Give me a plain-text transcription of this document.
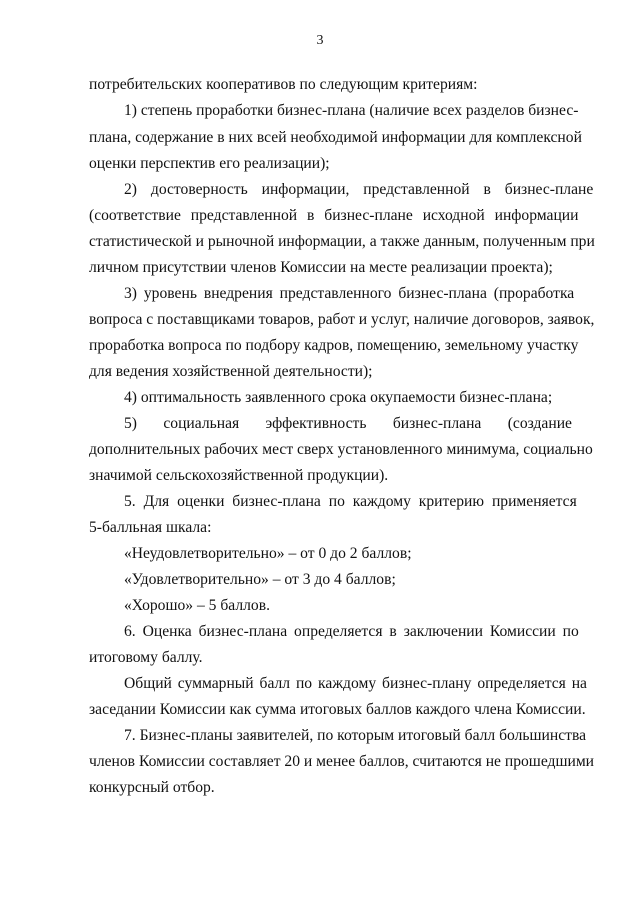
3
потребительских кооперативов по следующим критериям:
1) степень проработки бизнес-плана (наличие всех разделов бизнес-
плана, содержание в них всей необходимой информации для комплексной
оценки перспектив его реализации);
2) достоверность информации, представленной в бизнес-плане
(соответствие представленной в бизнес-плане исходной информации
статистической и рыночной информации, а также данным, полученным при
личном присутствии членов Комиссии на месте реализации проекта);
3) уровень внедрения представленного бизнес-плана (проработка
вопроса с поставщиками товаров, работ и услуг, наличие договоров, заявок,
проработка вопроса по подбору кадров, помещению, земельному участку
для ведения хозяйственной деятельности);
4) оптимальность заявленного срока окупаемости бизнес-плана;
5) социальная эффективность бизнес-плана (создание
дополнительных рабочих мест сверх установленного минимума, социально
значимой сельскохозяйственной продукции).
5. Для оценки бизнес-плана по каждому критерию применяется
5-балльная шкала:
«Неудовлетворительно» – от 0 до 2 баллов;
«Удовлетворительно» – от 3 до 4 баллов;
«Хорошо» – 5 баллов.
6. Оценка бизнес-плана определяется в заключении Комиссии по
итоговому баллу.
Общий суммарный балл по каждому бизнес-плану определяется на
заседании Комиссии как сумма итоговых баллов каждого члена Комиссии.
7. Бизнес-планы заявителей, по которым итоговый балл большинства
членов Комиссии составляет 20 и менее баллов, считаются не прошедшими
конкурсный отбор.
